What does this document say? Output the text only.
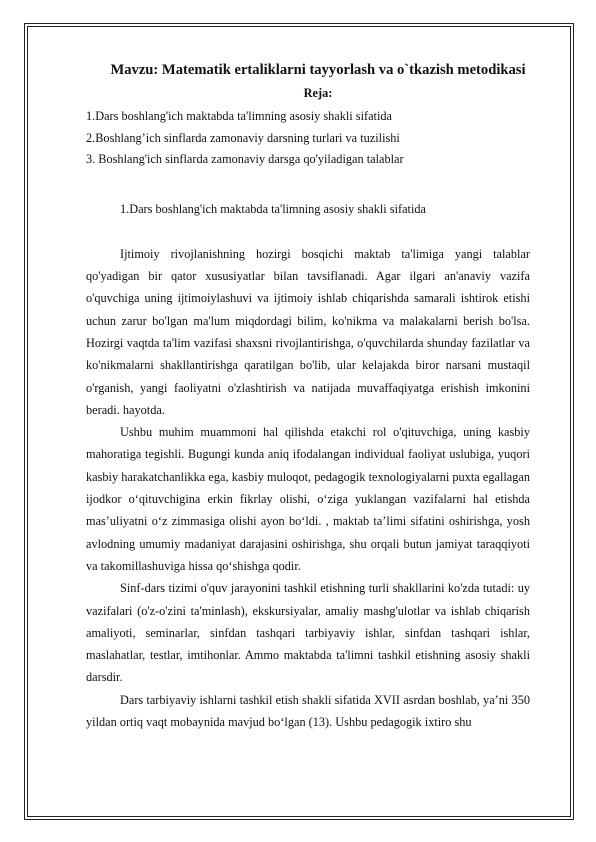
Mavzu: Matematik ertaliklarni tayyorlash va o`tkazish metodikasi

Reja:

1.Dars boshlang'ich maktabda ta'limning asosiy shakli sifatida
2.Boshlang’ich sinflarda zamonaviy darsning turlari va tuzilishi
3. Boshlang'ich sinflarda zamonaviy darsga qo'yiladigan talablar

1.Dars boshlang'ich maktabda ta'limning asosiy shakli sifatida

Ijtimoiy rivojlanishning hozirgi bosqichi maktab ta'limiga yangi talablar qo'yadigan bir qator xususiyatlar bilan tavsiflanadi. Agar ilgari an'anaviy vazifa o'quvchiga uning ijtimoiylashuvi va ijtimoiy ishlab chiqarishda samarali ishtirok etishi uchun zarur bo'lgan ma'lum miqdordagi bilim, ko'nikma va malakalarni berish bo'lsa. Hozirgi vaqtda ta'lim vazifasi shaxsni rivojlantirishga, o'quvchilarda shunday fazilatlar va ko'nikmalarni shakllantirishga qaratilgan bo'lib, ular kelajakda biror narsani mustaqil o'rganish, yangi faoliyatni o'zlashtirish va natijada muvaffaqiyatga erishish imkonini beradi. hayotda.

Ushbu muhim muammoni hal qilishda etakchi rol o'qituvchiga, uning kasbiy mahoratiga tegishli. Bugungi kunda aniq ifodalangan individual faoliyat uslubiga, yuqori kasbiy harakatchanlikka ega, kasbiy muloqot, pedagogik texnologiyalarni puxta egallagan ijodkor o‘qituvchigina erkin fikrlay olishi, o‘ziga yuklangan vazifalarni hal etishda mas’uliyatni o‘z zimmasiga olishi ayon bo‘ldi. , maktab ta’limi sifatini oshirishga, yosh avlodning umumiy madaniyat darajasini oshirishga, shu orqali butun jamiyat taraqqiyoti va takomillashuviga hissa qo‘shishga qodir.

Sinf-dars tizimi o'quv jarayonini tashkil etishning turli shakllarini ko'zda tutadi: uy vazifalari (o'z-o'zini ta'minlash), ekskursiyalar, amaliy mashg'ulotlar va ishlab chiqarish amaliyoti, seminarlar, sinfdan tashqari tarbiyaviy ishlar, sinfdan tashqari ishlar, maslahatlar, testlar, imtihonlar. Ammo maktabda ta'limni tashkil etishning asosiy shakli darsdir.

Dars tarbiyaviy ishlarni tashkil etish shakli sifatida XVII asrdan boshlab, ya’ni 350 yildan ortiq vaqt mobaynida mavjud bo‘lgan (13). Ushbu pedagogik ixtiro shu
